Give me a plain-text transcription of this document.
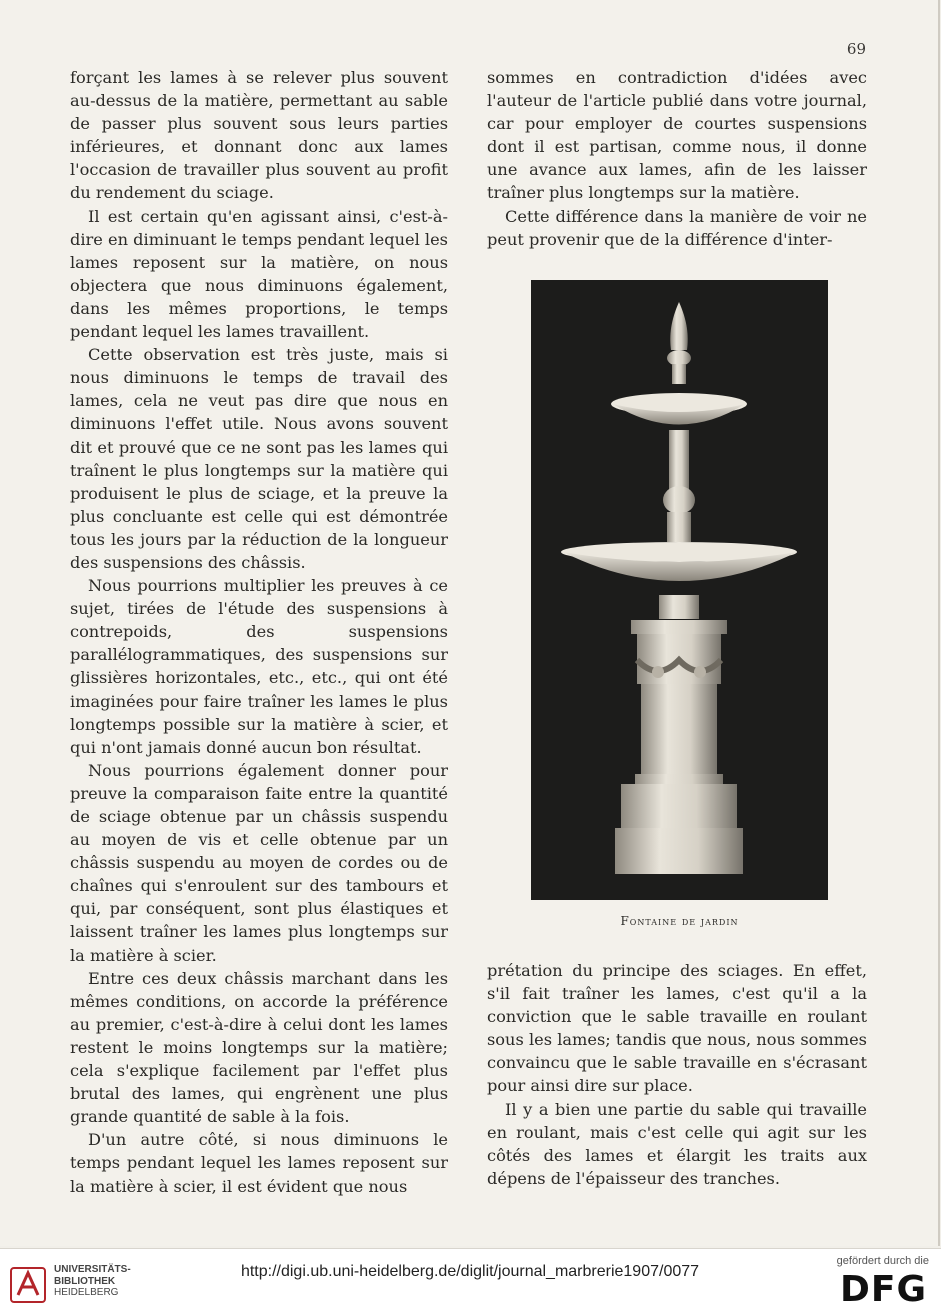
69

forçant les lames à se relever plus souvent au-dessus de la matière, permettant au sable de passer plus souvent sous leurs parties inférieures, et donnant donc aux lames l'occasion de travailler plus souvent au profit du rendement du sciage.

Il est certain qu'en agissant ainsi, c'est-à-dire en diminuant le temps pendant lequel les lames reposent sur la matière, on nous objectera que nous diminuons également, dans les mêmes proportions, le temps pendant lequel les lames travaillent.

Cette observation est très juste, mais si nous diminuons le temps de travail des lames, cela ne veut pas dire que nous en diminuons l'effet utile. Nous avons souvent dit et prouvé que ce ne sont pas les lames qui traînent le plus longtemps sur la matière qui produisent le plus de sciage, et la preuve la plus concluante est celle qui est démontrée tous les jours par la réduction de la longueur des suspensions des châssis.

Nous pourrions multiplier les preuves à ce sujet, tirées de l'étude des suspensions à contrepoids, des suspensions parallélogrammatiques, des suspensions sur glissières horizontales, etc., etc., qui ont été imaginées pour faire traîner les lames le plus longtemps possible sur la matière à scier, et qui n'ont jamais donné aucun bon résultat.

Nous pourrions également donner pour preuve la comparaison faite entre la quantité de sciage obtenue par un châssis suspendu au moyen de vis et celle obtenue par un châssis suspendu au moyen de cordes ou de chaînes qui s'enroulent sur des tambours et qui, par conséquent, sont plus élastiques et laissent traîner les lames plus longtemps sur la matière à scier.

Entre ces deux châssis marchant dans les mêmes conditions, on accorde la préférence au premier, c'est-à-dire à celui dont les lames restent le moins longtemps sur la matière; cela s'explique facilement par l'effet plus brutal des lames, qui engrènent une plus grande quantité de sable à la fois.

D'un autre côté, si nous diminuons le temps pendant lequel les lames reposent sur la matière à scier, il est évident que nous

sommes en contradiction d'idées avec l'auteur de l'article publié dans votre journal, car pour employer de courtes suspensions dont il est partisan, comme nous, il donne une avance aux lames, afin de les laisser traîner plus longtemps sur la matière.

Cette différence dans la manière de voir ne peut provenir que de la différence d'inter-

Fontaine de jardin

prétation du principe des sciages. En effet, s'il fait traîner les lames, c'est qu'il a la conviction que le sable travaille en roulant sous les lames; tandis que nous, nous sommes convaincu que le sable travaille en s'écrasant pour ainsi dire sur place.

Il y a bien une partie du sable qui travaille en roulant, mais c'est celle qui agit sur les côtés des lames et élargit les traits aux dépens de l'épaisseur des tranches.

UNIVERSITÄTS-
BIBLIOTHEK
HEIDELBERG
http://digi.ub.uni-heidelberg.de/diglit/journal_marbrerie1907/0077
gefördert durch die
DFG
